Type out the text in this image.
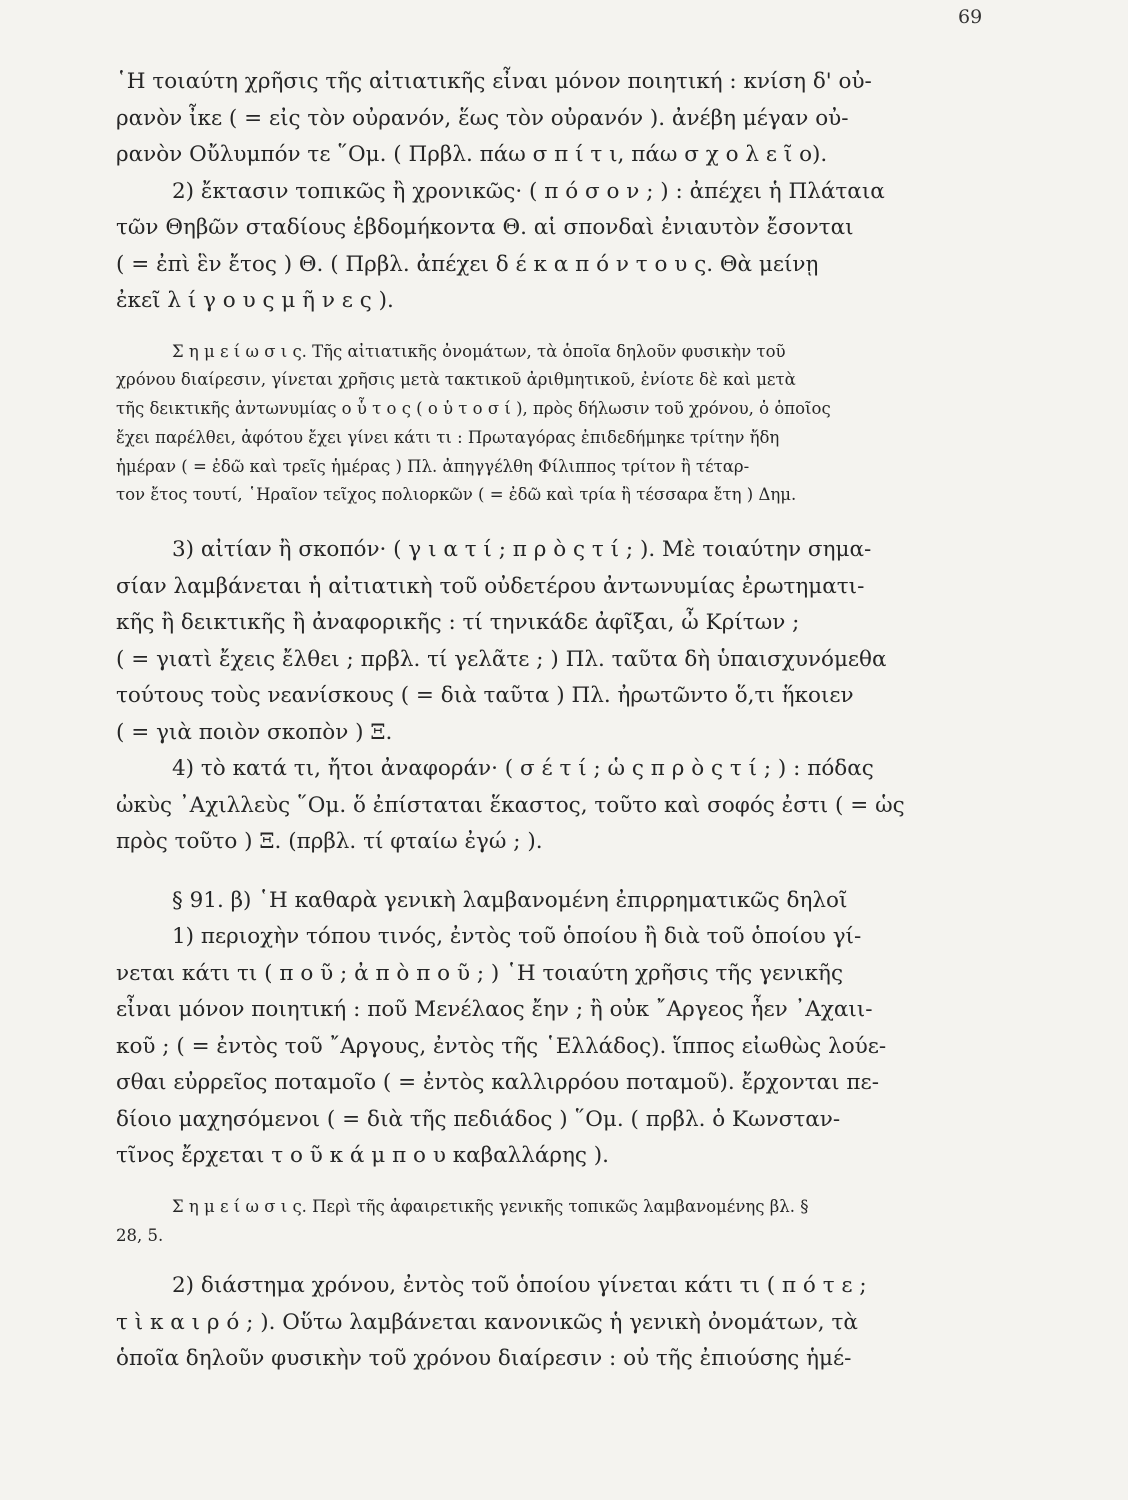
69
῾Η τοιαύτη χρῆσις τῆς αἰτιατικῆς εἶναι μόνον ποιητική : κνίση δ' οὐ-
ρανὸν ἶκε ( = εἰς τὸν οὐρανόν, ἕως τὸν οὐρανόν ). ἀνέβη μέγαν οὐ-
ρανὸν Οὔλυμπόν τε ῞Ομ. ( Πρβλ. πάω σ π ί τ ι, πάω σ χ ο λ ε ῖ ο).
2) ἔκτασιν τοπικῶς ἢ χρονικῶς· ( π ό σ ο ν ; ) : ἀπέχει ἡ Πλάταια
τῶν Θηβῶν σταδίους ἑβδομήκοντα Θ. αἱ σπονδαὶ ἐνιαυτὸν ἔσονται
( = ἐπὶ ἓν ἔτος ) Θ. ( Πρβλ. ἀπέχει δ έ κ α π ό ν τ ο υ ς. Θὰ μείνῃ
ἐκεῖ λ ί γ ο υ ς μ ῆ ν ε ς ).
Σ η μ ε ί ω σ ι ς. Τῆς αἰτιατικῆς ὀνομάτων, τὰ ὁποῖα δηλοῦν φυσικὴν τοῦ
χρόνου διαίρεσιν, γίνεται χρῆσις μετὰ τακτικοῦ ἀριθμητικοῦ, ἐνίοτε δὲ καὶ μετὰ
τῆς δεικτικῆς ἀντωνυμίας ο ὗ τ ο ς ( ο ὑ τ ο σ ί ), πρὸς δήλωσιν τοῦ χρόνου, ὁ ὁποῖος
ἔχει παρέλθει, ἀφότου ἔχει γίνει κάτι τι : Πρωταγόρας ἐπιδεδήμηκε τρίτην ἤδη
ἡμέραν ( = ἐδῶ καὶ τρεῖς ἡμέρας ) Πλ. ἀπηγγέλθη Φίλιππος τρίτον ἢ τέταρ-
τον ἔτος τουτί, ῾Ηραῖον τεῖχος πολιορκῶν ( = ἐδῶ καὶ τρία ἢ τέσσαρα ἔτη ) Δημ.
3) αἰτίαν ἢ σκοπόν· ( γ ι α τ ί ; π ρ ὸ ς τ ί ; ). Μὲ τοιαύτην σημα-
σίαν λαμβάνεται ἡ αἰτιατικὴ τοῦ οὐδετέρου ἀντωνυμίας ἐρωτηματι-
κῆς ἢ δεικτικῆς ἢ ἀναφορικῆς : τί τηνικάδε ἀφῖξαι, ὦ Κρίτων ;
( = γιατὶ ἔχεις ἔλθει ; πρβλ. τί γελᾶτε ; ) Πλ. ταῦτα δὴ ὑπαισχυνόμεθα
τούτους τοὺς νεανίσκους ( = διὰ ταῦτα ) Πλ. ἠρωτῶντο ὅ,τι ἥκοιεν
( = γιὰ ποιὸν σκοπὸν ) Ξ.
4) τὸ κατά τι, ἤτοι ἀναφοράν· ( σ έ τ ί ; ὡ ς π ρ ὸ ς τ ί ; ) : πόδας
ὠκὺς ᾿Αχιλλεὺς ῞Ομ. ὅ ἐπίσταται ἕκαστος, τοῦτο καὶ σοφός ἐστι ( = ὡς
πρὸς τοῦτο ) Ξ. (πρβλ. τί φταίω ἐγώ ; ).
§ 91. β) ῾Η καθαρὰ γενικὴ λαμβανομένη ἐπιρρηματικῶς δηλοῖ
1) περιοχὴν τόπου τινός, ἐντὸς τοῦ ὁποίου ἢ διὰ τοῦ ὁποίου γί-
νεται κάτι τι ( π ο ῦ ; ἀ π ὸ π ο ῦ ; ) ῾Η τοιαύτη χρῆσις τῆς γενικῆς
εἶναι μόνον ποιητική : ποῦ Μενέλαος ἔην ; ἢ οὐκ ῎Αργεος ἦεν ᾿Αχαιι-
κοῦ ; ( = ἐντὸς τοῦ ῎Αργους, ἐντὸς τῆς ῾Ελλάδος). ἵππος εἰωθὼς λούε-
σθαι εὐρρεῖος ποταμοῖο ( = ἐντὸς καλλιρρόου ποταμοῦ). ἔρχονται πε-
δίοιο μαχησόμενοι ( = διὰ τῆς πεδιάδος ) ῞Ομ. ( πρβλ. ὁ Κωνσταν-
τῖνος ἔρχεται τ ο ῦ κ ά μ π ο υ καβαλλάρης ).
Σ η μ ε ί ω σ ι ς. Περὶ τῆς ἀφαιρετικῆς γενικῆς τοπικῶς λαμβανομένης βλ. §
28, 5.
2) διάστημα χρόνου, ἐντὸς τοῦ ὁποίου γίνεται κάτι τι ( π ό τ ε ;
τ ὶ κ α ι ρ ό ; ). Οὕτω λαμβάνεται κανονικῶς ἡ γενικὴ ὀνομάτων, τὰ
ὁποῖα δηλοῦν φυσικὴν τοῦ χρόνου διαίρεσιν : οὐ τῆς ἐπιούσης ἡμέ-
